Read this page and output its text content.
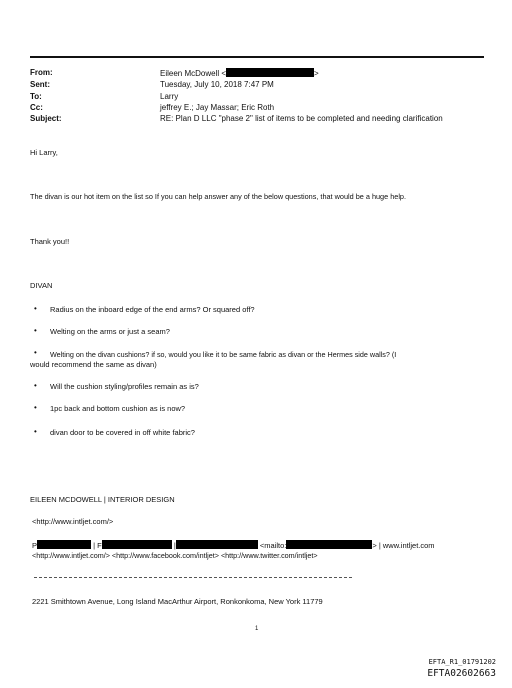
From:	Eileen McDowell <	>
Sent:	Tuesday, July 10, 2018 7:47 PM
To:	Larry
Cc:	jeffrey E.; Jay Massar; Eric Roth
Subject:	RE: Plan D LLC "phase 2" list of items to be completed and needing clarification
Hi Larry,
The divan is our hot item on the list so If you can help answer any of the below questions, that would be a huge help.
Thank you!!
DIVAN
• Radius on the inboard edge of the end arms? Or squared off?
• Welting on the arms or just a seam?
• Welting on the divan cushions? if so, would you like it to be same fabric as divan or the Hermes side walls? (I
would recommend the same as divan)
• Will the cushion styling/profiles remain as is?
• 1pc back and bottom cushion as is now?
• divan door to be covered in off white fabric?
EILEEN MCDOWELL | INTERIOR DESIGN
<http://www.intljet.com/>
P	| F	<mailto:	> | www.intljet.com
<http://www.intljet.com/> <http://www.facebook.com/intljet> <http://www.twitter.com/intljet>
2221 Smithtown Avenue, Long Island MacArthur Airport, Ronkonkoma, New York 11779
1
EFTA_R1_01791202
EFTA02602663
